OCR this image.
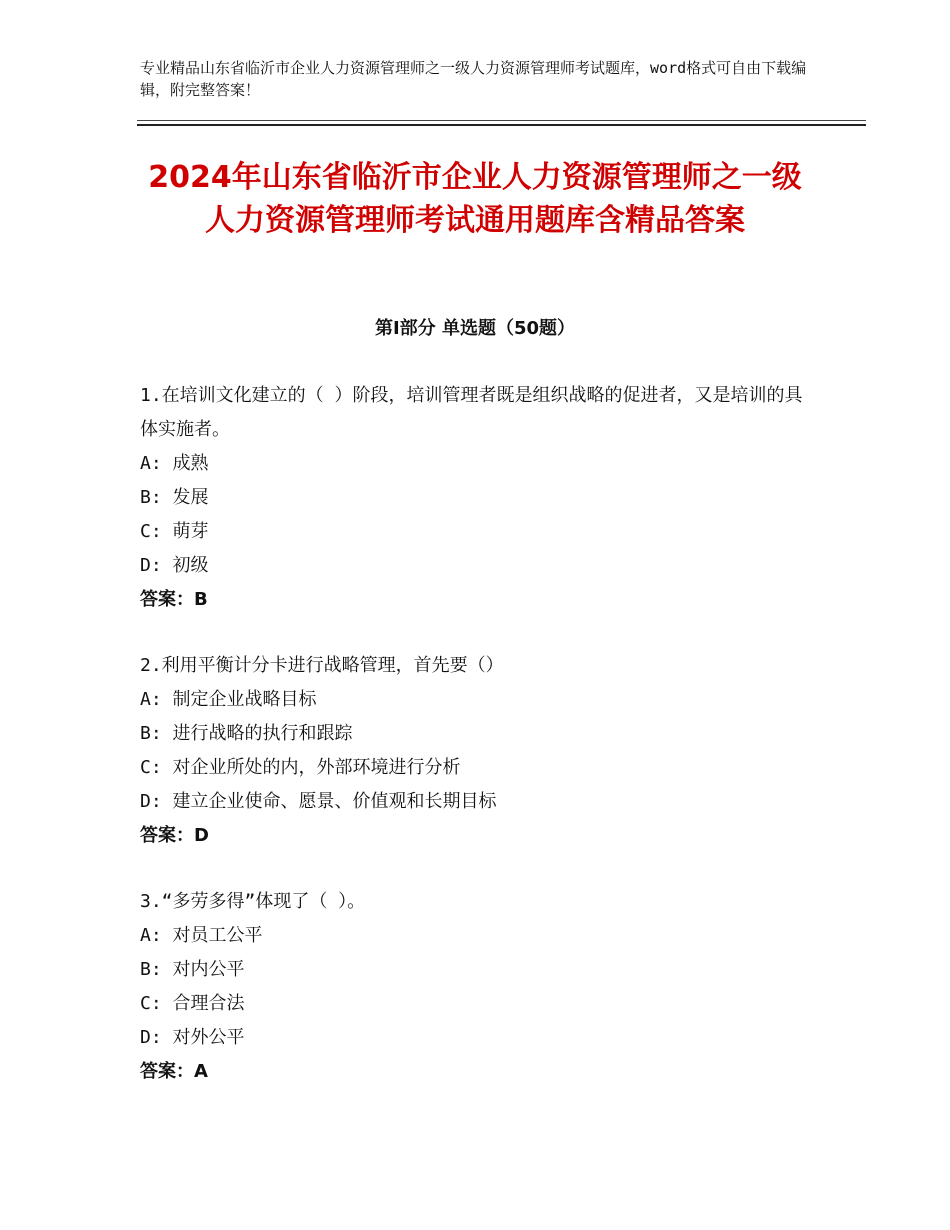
专业精品山东省临沂市企业人力资源管理师之一级人力资源管理师考试题库，word格式可自由下载编辑，附完整答案！
2024年山东省临沂市企业人力资源管理师之一级人力资源管理师考试通用题库含精品答案
第Ⅰ部分 单选题（50题）
1.在培训文化建立的（ ）阶段，培训管理者既是组织战略的促进者，又是培训的具体实施者。
A: 成熟
B: 发展
C: 萌芽
D: 初级
答案：B
2.利用平衡计分卡进行战略管理，首先要（）
A: 制定企业战略目标
B: 进行战略的执行和跟踪
C: 对企业所处的内，外部环境进行分析
D: 建立企业使命、愿景、价值观和长期目标
答案：D
3.“多劳多得”体现了（ ）。
A: 对员工公平
B: 对内公平
C: 合理合法
D: 对外公平
答案：A
